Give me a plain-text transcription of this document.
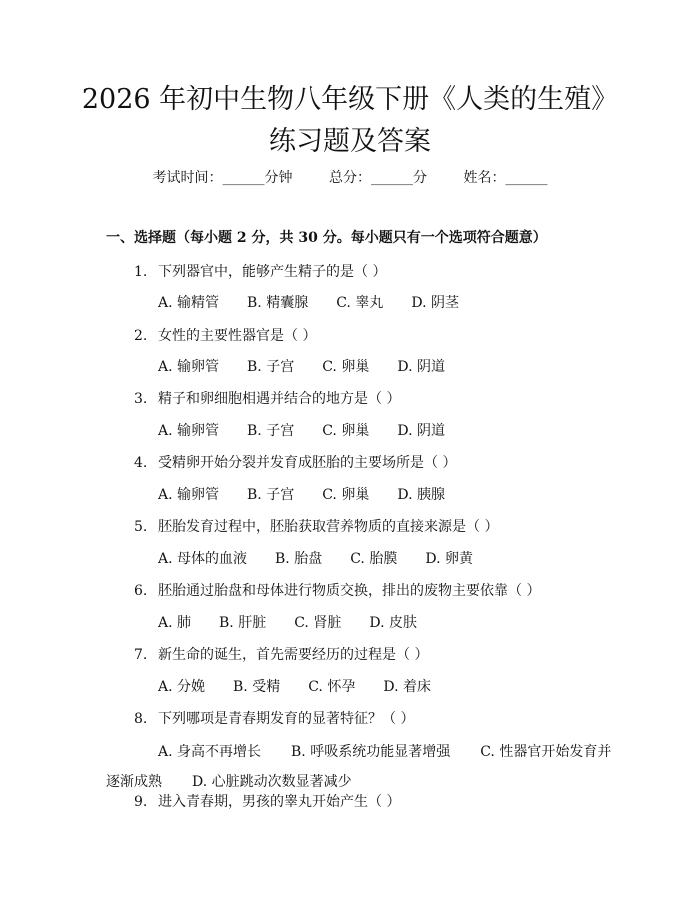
2026 年初中生物八年级下册《人类的生殖》
练习题及答案
考试时间：______分钟	总分：______分	姓名：______
一、选择题（每小题 2 分，共 30 分。每小题只有一个选项符合题意）
1. 下列器官中，能够产生精子的是（ ）
A. 输精管 B. 精囊腺 C. 睾丸 D. 阴茎
2. 女性的主要性器官是（ ）
A. 输卵管 B. 子宫 C. 卵巢 D. 阴道
3. 精子和卵细胞相遇并结合的地方是（ ）
A. 输卵管 B. 子宫 C. 卵巢 D. 阴道
4. 受精卵开始分裂并发育成胚胎的主要场所是（ ）
A. 输卵管 B. 子宫 C. 卵巢 D. 胰腺
5. 胚胎发育过程中，胚胎获取营养物质的直接来源是（ ）
A. 母体的血液 B. 胎盘 C. 胎膜 D. 卵黄
6. 胚胎通过胎盘和母体进行物质交换，排出的废物主要依靠（ ）
A. 肺 B. 肝脏 C. 肾脏 D. 皮肤
7. 新生命的诞生，首先需要经历的过程是（ ）
A. 分娩 B. 受精 C. 怀孕 D. 着床
8. 下列哪项是青春期发育的显著特征？（ ）
A. 身高不再增长 B. 呼吸系统功能显著增强 C. 性器官开始发育并逐渐成熟 D. 心脏跳动次数显著减少
9. 进入青春期，男孩的睾丸开始产生（ ）
